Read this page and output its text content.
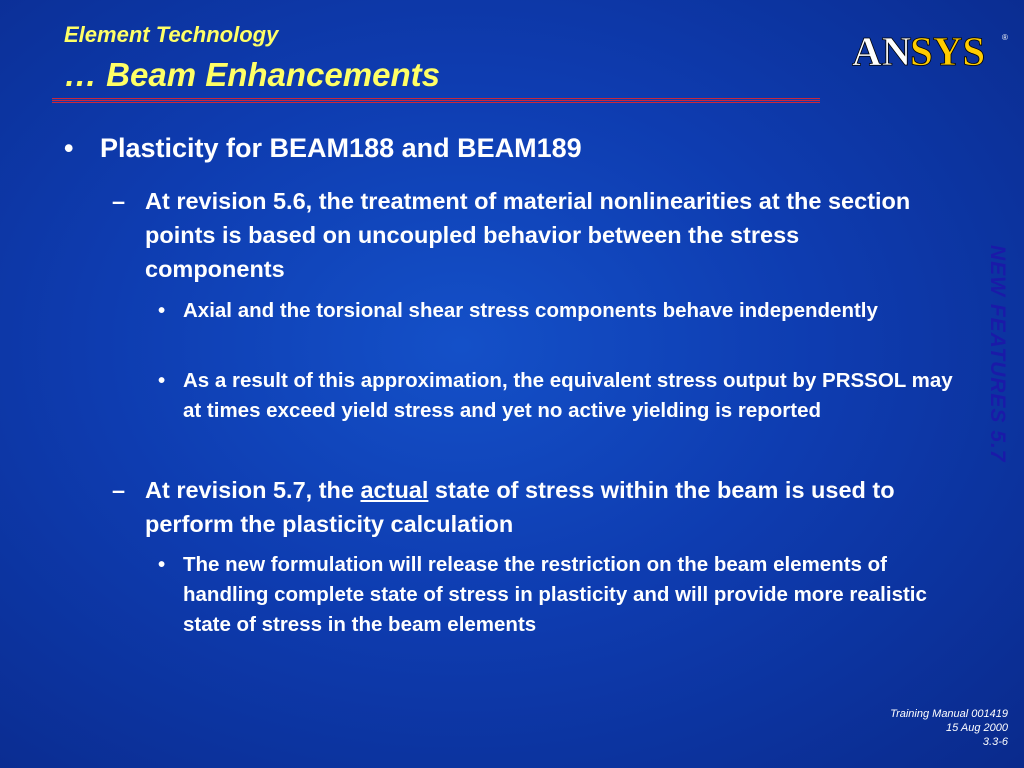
Element Technology
… Beam Enhancements
AN
SYS ®
NEW FEATURES 5.7
• Plasticity for BEAM188 and BEAM189
– At revision 5.6, the treatment of material nonlinearities at the section points is based on uncoupled behavior between the stress components
• Axial and the torsional shear stress components behave independently
• As a result of this approximation, the equivalent stress output by PRSSOL may at times exceed yield stress and yet no active yielding is reported
– At revision 5.7, the actual state of stress within the beam is used to perform the plasticity calculation
• The new formulation will release the restriction on the beam elements of handling complete state of stress in plasticity and will provide more realistic state of stress in the beam elements
Training Manual 001419
15 Aug 2000
3.3-6
